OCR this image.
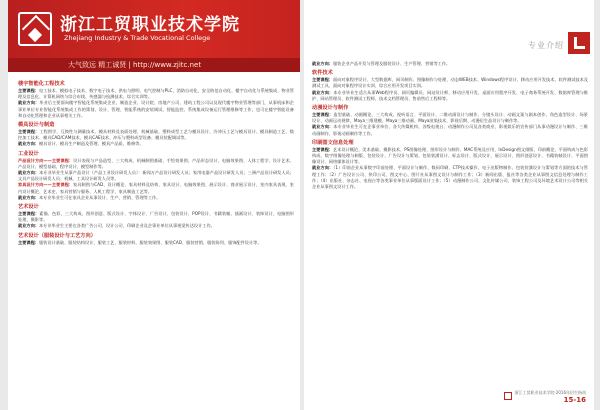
浙江工贸职业技术学院
Zhejiang Industry & Trade Vocational College
大气致远 精工诚贤 | http://www.zjitc.net
楼宇智能化工程技术
主要课程：电工技术、模拟电子技术、数字电子技术、供电与照明、电气控制与PLC、消防自动化、安全防范自动化、楼宇自动化与系统集成、物业管理及信息化、计算机网络与综合布线、传感器与检测技术、综合实训等。
就业方向：毕业后主要面向楼宇智能化系统集成企业、制造企业、设计院、房地产公司、建筑工程公司以及现代楼宇物业管理等部门，从事机床和企事业单位专业智能化系统集成工作的策划、设计、管理、智能系统的安装调试、智能监控、系统集成设备运行管理维修等工作，也可在楼宇智能设备和自动化管理和企业从事相关工作。
模具设计与制造
主要课程：工程图学、互换性与测量技术、模具材料及表面处理、机械基础、塑料成型工艺与模具设计、冷冲压工艺与模具设计、模具制造工艺、数控加工技术、模具CAD/CAM技术、模具CAE技术、冲压与塑料成型设备、模具装配调试等。
就业方向：模具设计、模具生产制造及管理、模具产品质、维修等。
工业设计
产品设计方向——主要课程：设计表现与产品造型、三大构成、机械制图基础、手绘效果图、产品形态设计、电脑效果图、人体工程学、设计艺术、产品设计、模型基础、程序设计、模型制作等。
就业方向：本专业毕业生从事产品设计（产品工业设计研发人员）：新闻万产品设计研发人员；家用电器产品设计研发人员；三洲产品设计研发人员；文具产品设计研发人员；机械、工具设计研发人员等。
家具设计方向——主要课程：家具制图与CAD、设计概论、家具材料及结构、家具设计、电脑效果图、展示设计、商业展示设计、室内家具表现、室内设计概论、艺术史、家具营销与服务、人机工程学、家具制造工艺等。
就业方向：本专业毕业生可在家具企业从事设计、生产、营销、管理等工作。
艺术设计
主要课程：素描、色彩、三大构成、图形创意、版式设计、字体设计、广告设计、包装设计、POP设计、书籍装帧、插画设计、装饰设计、电脑图形处理、摄影等。
就业方向：本专业毕业生主要在各类广告公司、设计公司、印刷企业及企事业单位从事视觉传达设计工作。
艺术设计（服装设计与工艺方向）
主要课程：服装设计基础、服装结构设计、服装工艺、服装材料、服装效果图、服装CAD、服装营销、服装陈列、服饰配件设计等。
专业介绍
就业方向：服装企业产品开发与管理及服装设计、生产管理、营销等工作。
软件技术
主要课程：面向对象程序设计、大型数据库、网页制作、图像制作与处理、动态WEB技术、Windows程序设计、移动应用开发技术、软件测试技术及测试工具、面向对象程序设计实训、综合应用开发项目实训。
就业方向：本专业毕业生适合从事Web程序员、网页编辑员、网站设计师、移动应用开发、桌面应用程序开发、电子商务系统开发、数据库管理与维护、网站管理员、软件测试工程师、技术文档管理员、售前售后工程师等。
动漫设计与制作
主要课程：造型基础、动画概论、三大构成、视听语言、平面设计、二维动画设计与制作、分镜头设计、动画文案与剧本创作、角色造型设计、场景设计、动画运动规律、Maya三维建模、Maya三维动画、Maya渲染技术、影视后期、动漫衍生品设计与制作等。
就业方向：本专业毕业生可在企事业单位、各大传媒机构、各级电视台、动漫制作公司及各类商业、影视娱乐的宣传部门从事动漫设计与制作、三维动画制作、影视动画制作等工作。
印刷图文信息处理
主要课程：艺术设计概论、美术基础、摄影技术、PS图像处理、图形设计与制作、MAC系统及应用、InDesign图文排版、印前概论、平面构成与色彩构成、数字图像处理与制版、包装设计、广告设计与策划、包装装潢设计、标志设计、版式设计、展示设计、图形创意设计、书籍装帧设计、平面图像设计、网络媒体设计等。
就业方向：（1）印前企业从事数字印前处理、平面设计与制作、数码印刷、CTP技术操作、电子出版物制作、包装装潢设计与策划等方面的技术与管理工作；（2）广告设计公司、快印公司、图文中心、图片社从事图文设计与制作工作；（3）新闻出版、报社等各类企业从事图文信息处理与制作工作；（4）出版社、杂志社、电视台等各类事业单位从事版面设计工作；（5）动漫制作公司、文化传媒公司、装饰工程公司及环境艺术设计公司等相关企业从事图文设计工作。
浙江工贸职业技术学院·2016年招生指南
15-16
